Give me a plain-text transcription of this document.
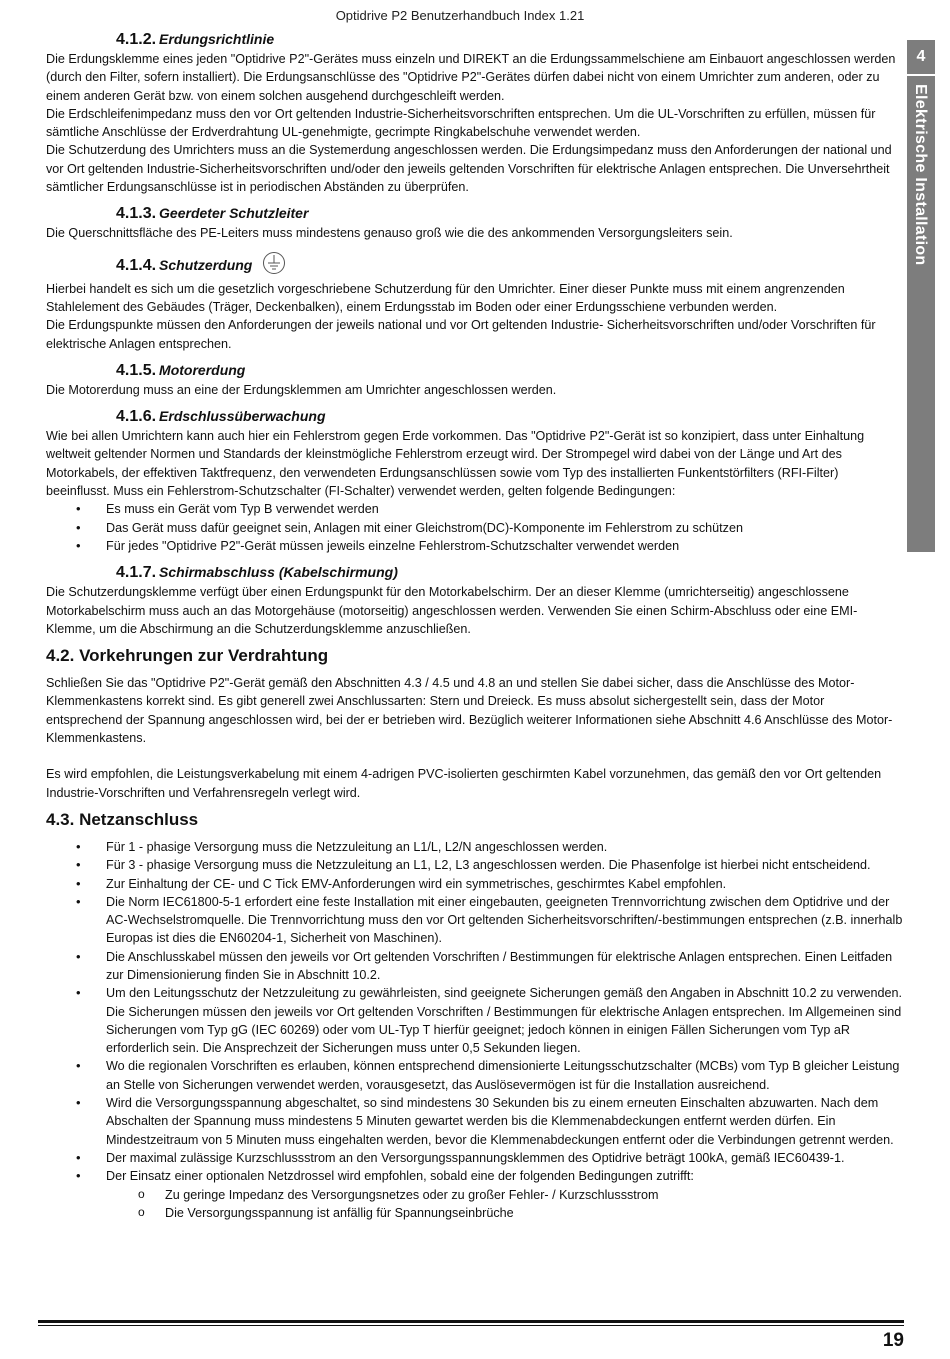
Optidrive P2 Benutzerhandbuch Index 1.21
4
Elektrische Installation
4.1.2. Erdungsrichtlinie

Die Erdungsklemme eines jeden "Optidrive P2"-Gerätes muss einzeln und DIREKT an die Erdungssammelschiene am Einbauort angeschlossen werden (durch den Filter, sofern installiert). Die Erdungsanschlüsse des "Optidrive P2"-Gerätes dürfen dabei nicht von einem Umrichter zum anderen, oder zu einem anderen Gerät bzw. von einem solchen ausgehend durchgeschleift werden.

Die Erdschleifenimpedanz muss den vor Ort geltenden Industrie-Sicherheitsvorschriften entsprechen. Um die UL-Vorschriften zu erfüllen, müssen für sämtliche Anschlüsse der Erdverdrahtung UL-genehmigte, gecrimpte Ringkabelschuhe verwendet werden.

Die Schutzerdung des Umrichters muss an die Systemerdung angeschlossen werden. Die Erdungsimpedanz muss den Anforderungen der national und vor Ort geltenden Industrie-Sicherheitsvorschriften und/oder den jeweils geltenden Vorschriften für elektrische Anlagen entsprechen. Die Unversehrtheit sämtlicher Erdungsanschlüsse ist in periodischen Abständen zu überprüfen.

4.1.3. Geerdeter Schutzleiter

Die Querschnittsfläche des PE-Leiters muss mindestens genauso groß wie die des ankommenden Versorgungsleiters sein.

4.1.4. Schutzerdung

Hierbei handelt es sich um die gesetzlich vorgeschriebene Schutzerdung für den Umrichter. Einer dieser Punkte muss mit einem angrenzenden Stahlelement des Gebäudes (Träger, Deckenbalken), einem Erdungsstab im Boden oder einer Erdungsschiene verbunden werden.

Die Erdungspunkte müssen den Anforderungen der jeweils national und vor Ort geltenden Industrie- Sicherheitsvorschriften und/oder Vorschriften für elektrische Anlagen entsprechen.

4.1.5. Motorerdung

Die Motorerdung muss an eine der Erdungsklemmen am Umrichter angeschlossen werden.

4.1.6. Erdschlussüberwachung

Wie bei allen Umrichtern kann auch hier ein Fehlerstrom gegen Erde vorkommen. Das "Optidrive P2"-Gerät ist so konzipiert, dass unter Einhaltung weltweit geltender Normen und Standards der kleinstmögliche Fehlerstrom erzeugt wird. Der Strompegel wird dabei von der Länge und Art des Motorkabels, der effektiven Taktfrequenz, den verwendeten Erdungsanschlüssen sowie vom Typ des installierten Funkentstörfilters (RFI-Filter) beeinflusst. Muss ein Fehlerstrom-Schutzschalter (FI-Schalter) verwendet werden, gelten folgende Bedingungen:

• Es muss ein Gerät vom Typ B verwendet werden
• Das Gerät muss dafür geeignet sein, Anlagen mit einer Gleichstrom(DC)-Komponente im Fehlerstrom zu schützen
• Für jedes "Optidrive P2"-Gerät müssen jeweils einzelne Fehlerstrom-Schutzschalter verwendet werden
4.1.7. Schirmabschluss (Kabelschirmung)

Die Schutzerdungsklemme verfügt über einen Erdungspunkt für den Motorkabelschirm. Der an dieser Klemme (umrichterseitig) angeschlossene Motorkabelschirm muss auch an das Motorgehäuse (motorseitig) angeschlossen werden. Verwenden Sie einen Schirm-Abschluss oder eine EMI-Klemme, um die Abschirmung an die Schutzerdungsklemme anzuschließen.

4.2. Vorkehrungen zur Verdrahtung

Schließen Sie das "Optidrive P2"-Gerät gemäß den Abschnitten 4.3 / 4.5 und 4.8 an und stellen Sie dabei sicher, dass die Anschlüsse des Motor-Klemmenkastens korrekt sind. Es gibt generell zwei Anschlussarten: Stern und Dreieck. Es muss absolut sichergestellt sein, dass der Motor entsprechend der Spannung angeschlossen wird, bei der er betrieben wird. Bezüglich weiterer Informationen siehe Abschnitt 4.6 Anschlüsse des Motor-Klemmenkastens.

Es wird empfohlen, die Leistungsverkabelung mit einem 4-adrigen PVC-isolierten geschirmten Kabel vorzunehmen, das gemäß den vor Ort geltenden Industrie-Vorschriften und Verfahrensregeln verlegt wird.

4.3. Netzanschluss
• Für 1 - phasige Versorgung muss die Netzzuleitung an L1/L, L2/N angeschlossen werden.
• Für 3 - phasige Versorgung muss die Netzzuleitung an L1, L2, L3 angeschlossen werden. Die Phasenfolge ist hierbei nicht entscheidend.
• Zur Einhaltung der CE- und C Tick EMV-Anforderungen wird ein symmetrisches, geschirmtes Kabel empfohlen.
• Die Norm IEC61800-5-1 erfordert eine feste Installation mit einer eingebauten, geeigneten Trennvorrichtung zwischen dem Optidrive und der AC-Wechselstromquelle. Die Trennvorrichtung muss den vor Ort geltenden Sicherheitsvorschriften/-bestimmungen entsprechen (z.B. innerhalb Europas ist dies die EN60204-1, Sicherheit von Maschinen).
• Die Anschlusskabel müssen den jeweils vor Ort geltenden Vorschriften / Bestimmungen für elektrische Anlagen entsprechen. Einen Leitfaden zur Dimensionierung finden Sie in Abschnitt 10.2.
• Um den Leitungsschutz der Netzzuleitung zu gewährleisten, sind geeignete Sicherungen gemäß den Angaben in Abschnitt 10.2 zu verwenden. Die Sicherungen müssen den jeweils vor Ort geltenden Vorschriften / Bestimmungen für elektrische Anlagen entsprechen. Im Allgemeinen sind Sicherungen vom Typ gG (IEC 60269) oder vom UL-Typ T hierfür geeignet; jedoch können in einigen Fällen Sicherungen vom Typ aR erforderlich sein. Die Ansprechzeit der Sicherungen muss unter 0,5 Sekunden liegen.
• Wo die regionalen Vorschriften es erlauben, können entsprechend dimensionierte Leitungsschutzschalter (MCBs) vom Typ B gleicher Leistung an Stelle von Sicherungen verwendet werden, vorausgesetzt, das Auslösevermögen ist für die Installation ausreichend.
• Wird die Versorgungsspannung abgeschaltet, so sind mindestens 30 Sekunden bis zu einem erneuten Einschalten abzuwarten. Nach dem Abschalten der Spannung muss mindestens 5 Minuten gewartet werden bis die Klemmenabdeckungen entfernt werden dürfen. Ein Mindestzeitraum von 5 Minuten muss eingehalten werden, bevor die Klemmenabdeckungen entfernt oder die Verbindungen getrennt werden.
• Der maximal zulässige Kurzschlussstrom an den Versorgungsspannungsklemmen des Optidrive beträgt 100kA, gemäß IEC60439-1.
• Der Einsatz einer optionalen Netzdrossel wird empfohlen, sobald eine der folgenden Bedingungen zutrifft:
o Zu geringe Impedanz des Versorgungsnetzes oder zu großer Fehler- / Kurzschlussstrom
o Die Versorgungsspannung ist anfällig für Spannungseinbrüche
19
